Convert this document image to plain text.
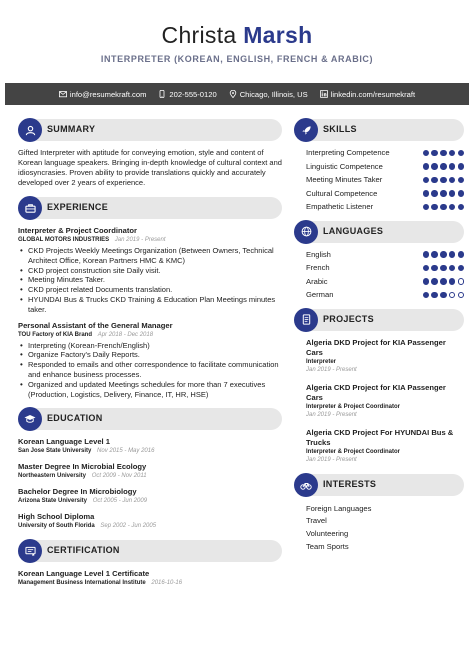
Christa Marsh
INTERPRETER (KOREAN, ENGLISH, FRENCH & ARABIC)
info@resumekraft.com	202-555-0120	Chicago, Illinois, US	linkedin.com/resumekraft
SUMMARY

Gifted Interpreter with aptitude for conveying emotion, style and content of Korean language speakers. Bringing in-depth knowledge of cultural context and idiosyncrasies. Proven ability to provide translations quickly and accurately developed over 2 years of experience.

EXPERIENCE
Interpreter & Project Coordinator
GLOBAL MOTORS INDUSTRIES Jan 2019 - Present
• CKD Projects Weekly Meetings Organization (Between Owners, Technical Architect Office, Korean Partners HMC & KMC)
• CKD project construction site Daily visit.
• Meeting Minutes Taker.
• CKD project related Documents translation.
• HYUNDAI Bus & Trucks CKD Training & Education Plan Meetings minutes taker.
Personal Assistant of the General Manager
TOU Factory of KIA Brand Apr 2018 - Dec 2018
• Interpreting (Korean-French/English)
• Organize Factory's Daily Reports.
• Responded to emails and other correspondence to facilitate communication and enhance business processes.
• Organized and updated Meetings schedules for more than 7 executives (Production, Logistics, Delivery, Finance, IT, HR, HSE)
EDUCATION
Korean Language Level 1
San Jose State University Nov 2015 - May 2016
Master Degree In Microbial Ecology
Northeastern University Oct 2009 - Nov 2011
Bachelor Degree In Microbiology
Arizona State University Oct 2005 - Jun 2009
High School Diploma
University of South Florida Sep 2002 - Jun 2005
CERTIFICATION
Korean Language Level 1 Certificate
Management Business International Institute 2016-10-16
SKILLS
Interpreting Competence
Linguistic Competence
Meeting Minutes Taker
Cultural Competence
Empathetic Listener
LANGUAGES
English
French
Arabic
German
PROJECTS
Algeria DKD Project for KIA Passenger Cars
Interpreter
Jan 2019 - Present
Algeria CKD Project for KIA Passenger Cars
Interpreter & Project Coordinator
Jan 2019 - Present
Algeria CKD Project For HYUNDAI Bus & Trucks
Interpreter & Project Coordinator
Jan 2019 - Present
INTERESTS
Foreign Languages
Travel
Volunteering
Team Sports
